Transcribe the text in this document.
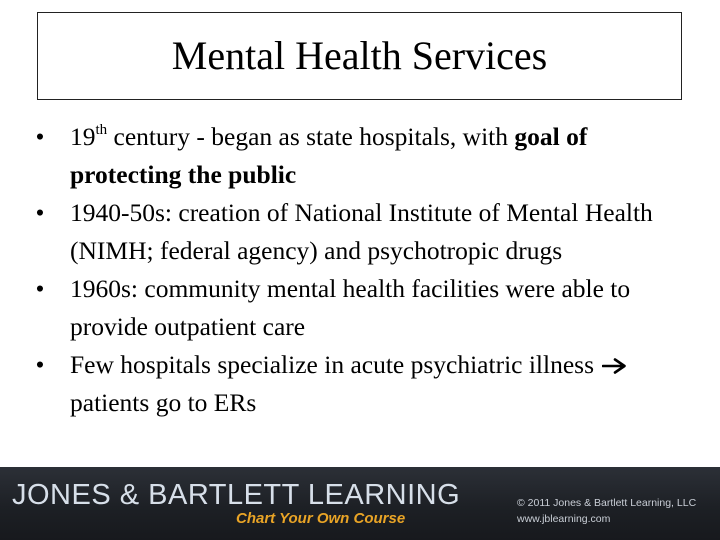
Mental Health Services
• 19th century - began as state hospitals, with goal of protecting the public
• 1940-50s: creation of National Institute of Mental Health (NIMH; federal agency) and psychotropic drugs
• 1960s: community mental health facilities were able to provide outpatient care
• Few hospitals specialize in acute psychiatric illness  patients go to ERs
JONES & BARTLETT LEARNING
Chart Your Own Course
© 2011 Jones & Bartlett Learning, LLC
www.jblearning.com
